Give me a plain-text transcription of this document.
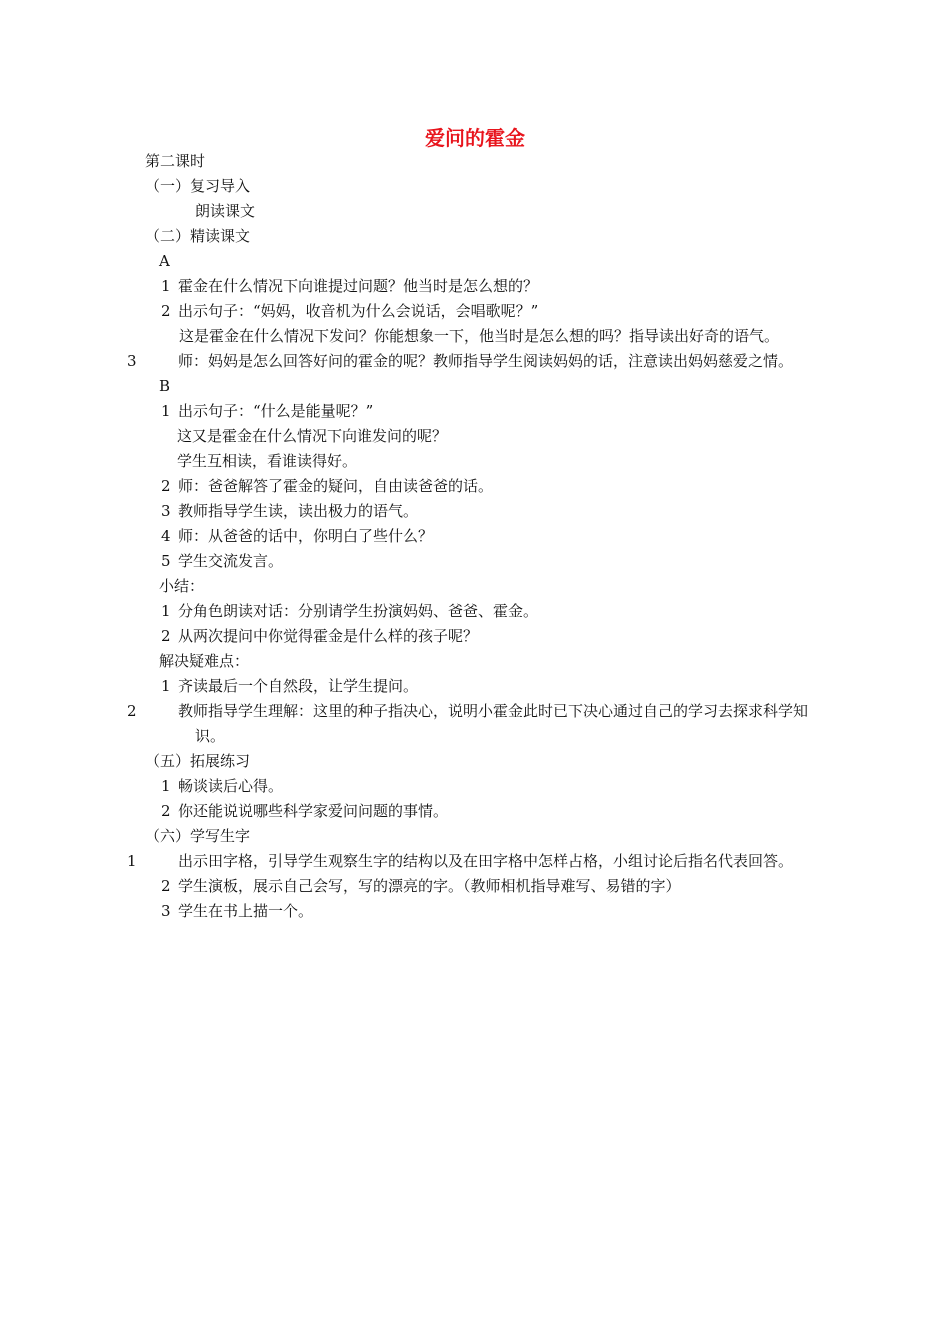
爱问的霍金
第二课时
（一）复习导入
朗读课文
（二）精读课文
A
1 霍金在什么情况下向谁提过问题？他当时是怎么想的？
2 出示句子：“妈妈，收音机为什么会说话，会唱歌呢？”
这是霍金在什么情况下发问？你能想象一下，他当时是怎么想的吗？指导读出好奇的语气。
3	师：妈妈是怎么回答好问的霍金的呢？教师指导学生阅读妈妈的话，注意读出妈妈慈爱之情。
B
1 出示句子：“什么是能量呢？”
这又是霍金在什么情况下向谁发问的呢？
学生互相读，看谁读得好。
2 师：爸爸解答了霍金的疑问，自由读爸爸的话。
3 教师指导学生读，读出极力的语气。
4 师：从爸爸的话中，你明白了些什么？
5 学生交流发言。
小结：
1 分角色朗读对话：分别请学生扮演妈妈、爸爸、霍金。
2 从两次提问中你觉得霍金是什么样的孩子呢？
解决疑难点：
1 齐读最后一个自然段，让学生提问。
2	教师指导学生理解：这里的种子指决心，说明小霍金此时已下决心通过自己的学习去探求科学知识。
（五）拓展练习
1 畅谈读后心得。
2 你还能说说哪些科学家爱问问题的事情。
（六）学写生字
1	出示田字格，引导学生观察生字的结构以及在田字格中怎样占格，小组讨论后指名代表回答。
2 学生演板，展示自己会写，写的漂亮的字。（教师相机指导难写、易错的字）
3 学生在书上描一个。
